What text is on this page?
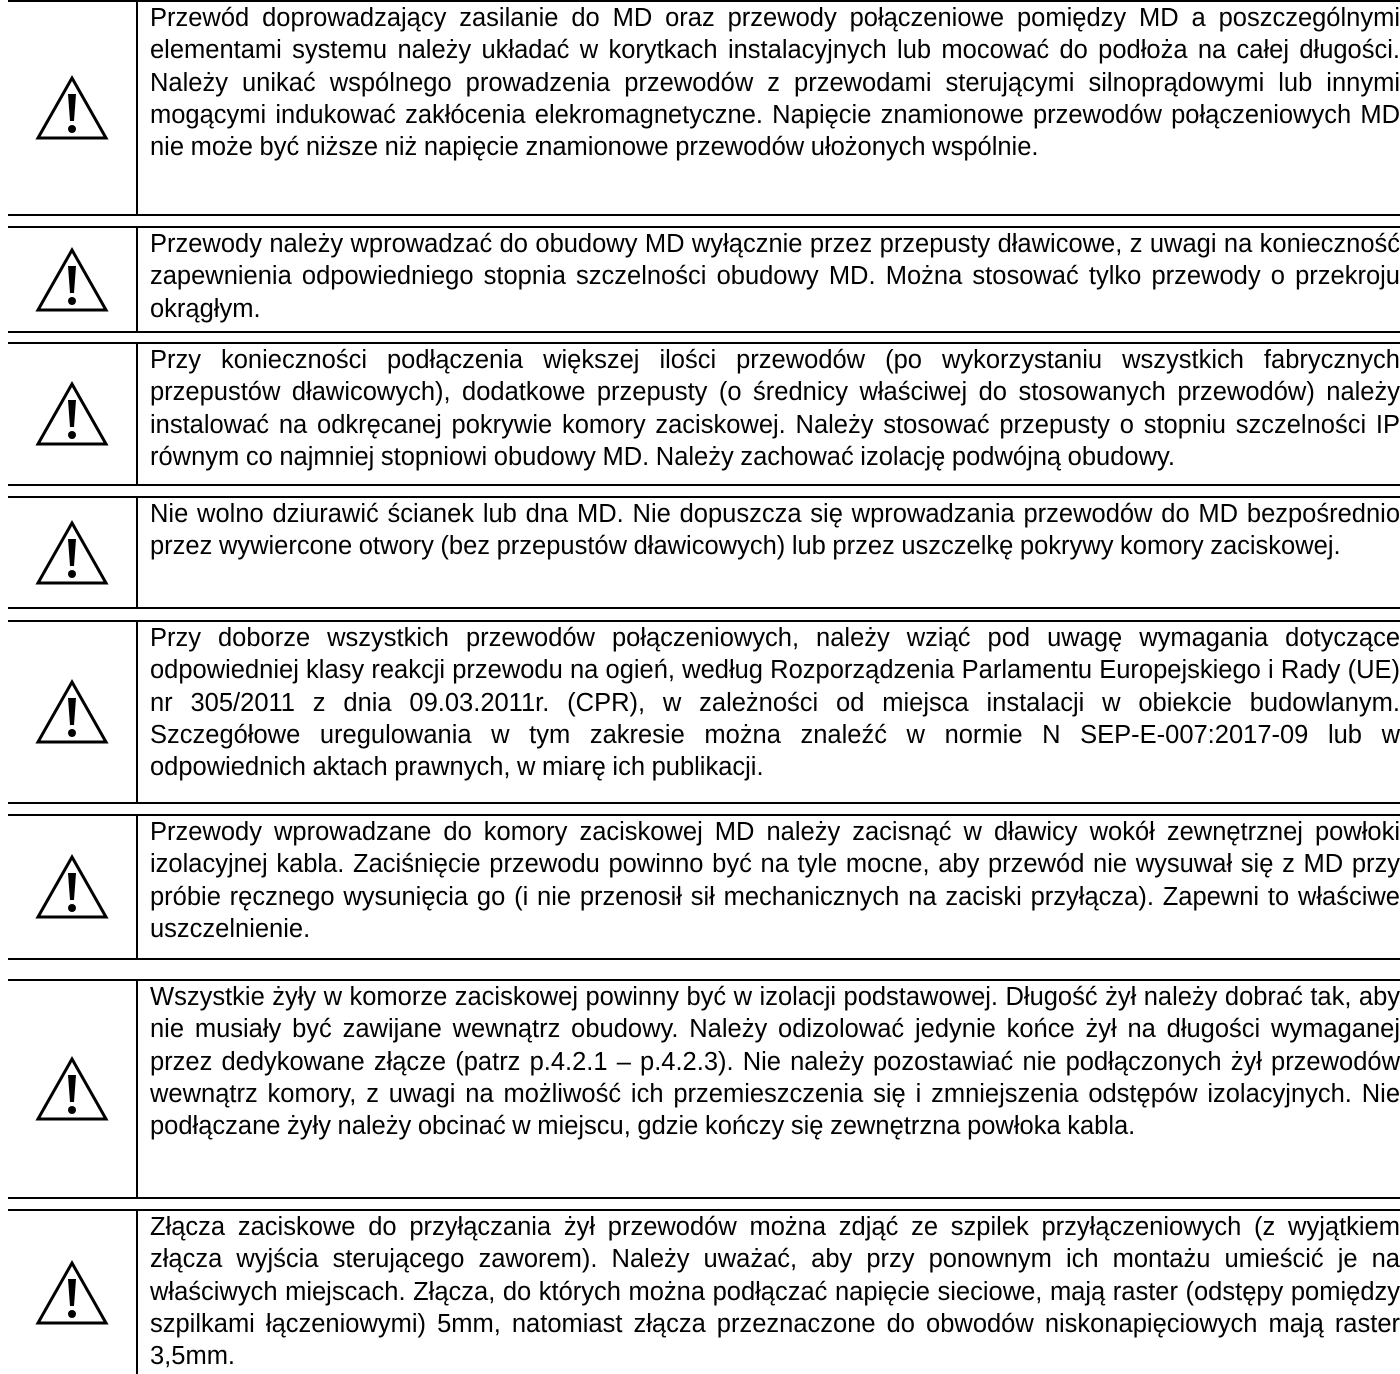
Przewód doprowadzający zasilanie do MD oraz przewody połączeniowe pomiędzy MD a poszczególnymi elementami systemu należy układać w korytkach instalacyjnych lub mocować do podłoża na całej długości. Należy unikać wspólnego prowadzenia przewodów z przewodami sterującymi silnoprądowymi lub innymi mogącymi indukować zakłócenia elekromagnetyczne. Napięcie znamionowe przewodów połączeniowych MD nie może być niższe niż napięcie znamionowe przewodów ułożonych wspólnie.
Przewody należy wprowadzać do obudowy MD wyłącznie przez przepusty dławicowe, z uwagi na konieczność zapewnienia odpowiedniego stopnia szczelności obudowy MD. Można stosować tylko przewody o przekroju okrągłym.
Przy konieczności podłączenia większej ilości przewodów (po wykorzystaniu wszystkich fabrycznych przepustów dławicowych), dodatkowe przepusty (o średnicy właściwej do stosowanych przewodów) należy instalować na odkręcanej pokrywie komory zaciskowej. Należy stosować przepusty o stopniu szczelności IP równym co najmniej stopniowi obudowy MD. Należy zachować izolację podwójną obudowy.
Nie wolno dziurawić ścianek lub dna MD. Nie dopuszcza się wprowadzania przewodów do MD bezpośrednio przez wywiercone otwory (bez przepustów dławicowych) lub przez uszczelkę pokrywy komory zaciskowej.
Przy doborze wszystkich przewodów połączeniowych, należy wziąć pod uwagę wymagania dotyczące odpowiedniej klasy reakcji przewodu na ogień, według Rozporządzenia Parlamentu Europejskiego i Rady (UE) nr 305/2011 z dnia 09.03.2011r. (CPR), w zależności od miejsca instalacji w obiekcie budowlanym. Szczegółowe uregulowania w tym zakresie można znaleźć w normie N SEP-E-007:2017-09 lub w odpowiednich aktach prawnych, w miarę ich publikacji.
Przewody wprowadzane do komory zaciskowej MD należy zacisnąć w dławicy wokół zewnętrznej powłoki izolacyjnej kabla. Zaciśnięcie przewodu powinno być na tyle mocne, aby przewód nie wysuwał się z MD przy próbie ręcznego wysunięcia go (i nie przenosił sił mechanicznych na zaciski przyłącza). Zapewni to właściwe uszczelnienie.
Wszystkie żyły w komorze zaciskowej powinny być w izolacji podstawowej. Długość żył należy dobrać tak, aby nie musiały być zawijane wewnątrz obudowy. Należy odizolować jedynie końce żył na długości wymaganej przez dedykowane złącze (patrz p.4.2.1 – p.4.2.3). Nie należy pozostawiać nie podłączonych żył przewodów wewnątrz komory, z uwagi na możliwość ich przemieszczenia się i zmniejszenia odstępów izolacyjnych. Nie podłączane żyły należy obcinać w miejscu, gdzie kończy się zewnętrzna powłoka kabla.
Złącza zaciskowe do przyłączania żył przewodów można zdjąć ze szpilek przyłączeniowych (z wyjątkiem złącza wyjścia sterującego zaworem). Należy uważać, aby przy ponownym ich montażu umieścić je na właściwych miejscach. Złącza, do których można podłączać napięcie sieciowe, mają raster (odstępy pomiędzy szpilkami łączeniowymi) 5mm, natomiast złącza przeznaczone do obwodów niskonapięciowych mają raster 3,5mm.
